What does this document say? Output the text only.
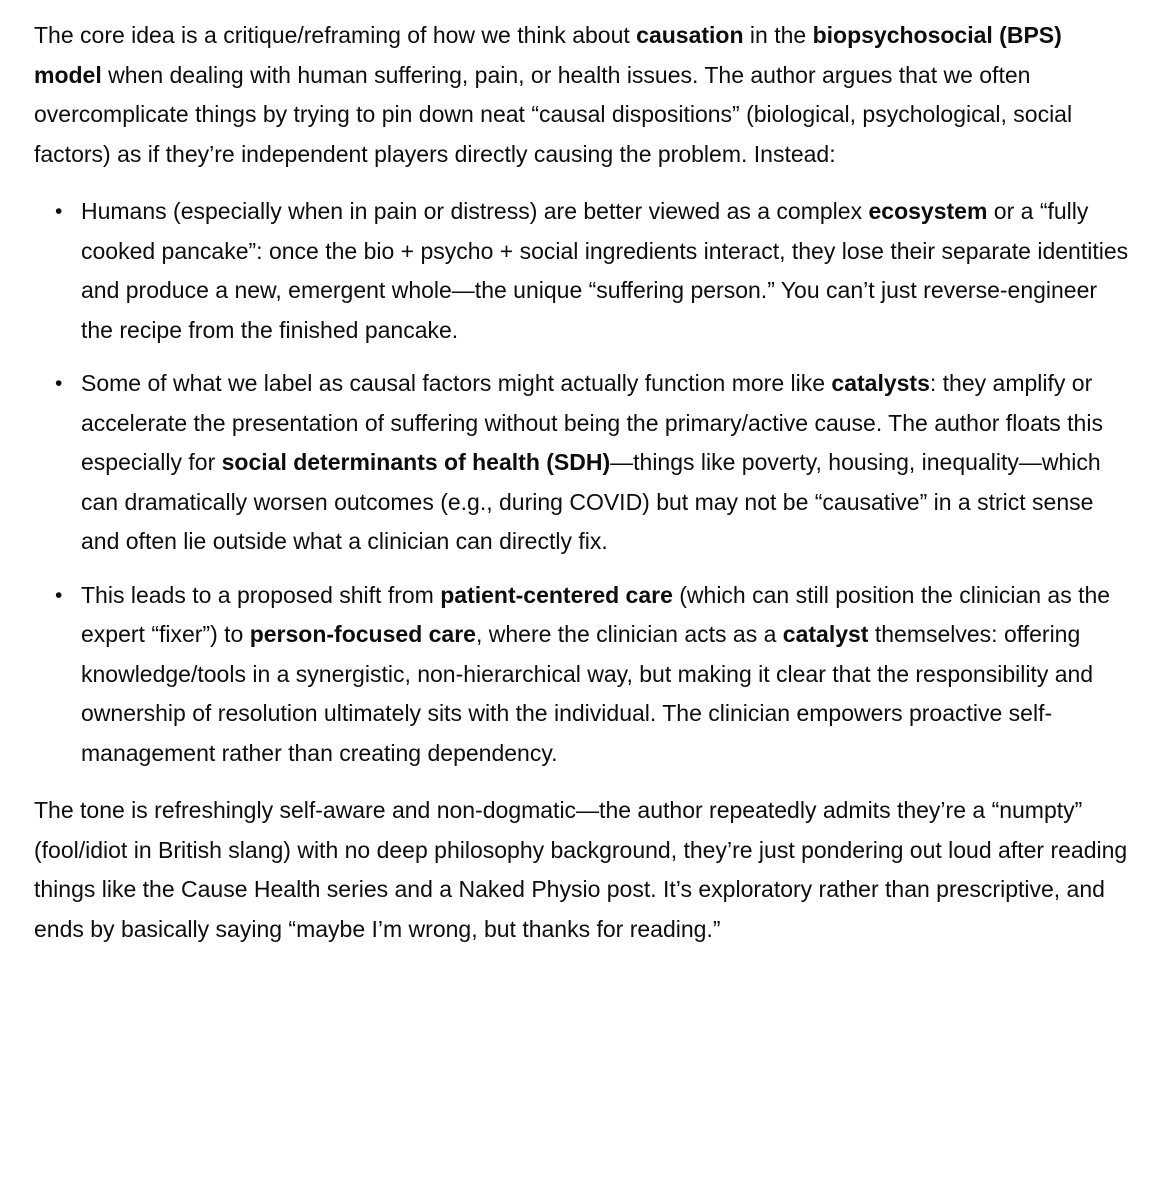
The core idea is a critique/reframing of how we think about causation in the biopsychosocial (BPS) model when dealing with human suffering, pain, or health issues. The author argues that we often overcomplicate things by trying to pin down neat “causal dispositions” (biological, psychological, social factors) as if they’re independent players directly causing the problem. Instead:

• Humans (especially when in pain or distress) are better viewed as a complex ecosystem or a “fully cooked pancake”: once the bio + psycho + social ingredients interact, they lose their separate identities and produce a new, emergent whole—the unique “suffering person.” You can’t just reverse-engineer the recipe from the finished pancake.
• Some of what we label as causal factors might actually function more like catalysts: they amplify or accelerate the presentation of suffering without being the primary/active cause. The author floats this especially for social determinants of health (SDH)—things like poverty, housing, inequality—which can dramatically worsen outcomes (e.g., during COVID) but may not be “causative” in a strict sense and often lie outside what a clinician can directly fix.
• This leads to a proposed shift from patient-centered care (which can still position the clinician as the expert “fixer”) to person-focused care, where the clinician acts as a catalyst themselves: offering knowledge/tools in a synergistic, non-hierarchical way, but making it clear that the responsibility and ownership of resolution ultimately sits with the individual. The clinician empowers proactive self-management rather than creating dependency.

The tone is refreshingly self-aware and non-dogmatic—the author repeatedly admits they’re a “numpty” (fool/idiot in British slang) with no deep philosophy background, they’re just pondering out loud after reading things like the Cause Health series and a Naked Physio post. It’s exploratory rather than prescriptive, and ends by basically saying “maybe I’m wrong, but thanks for reading.”
